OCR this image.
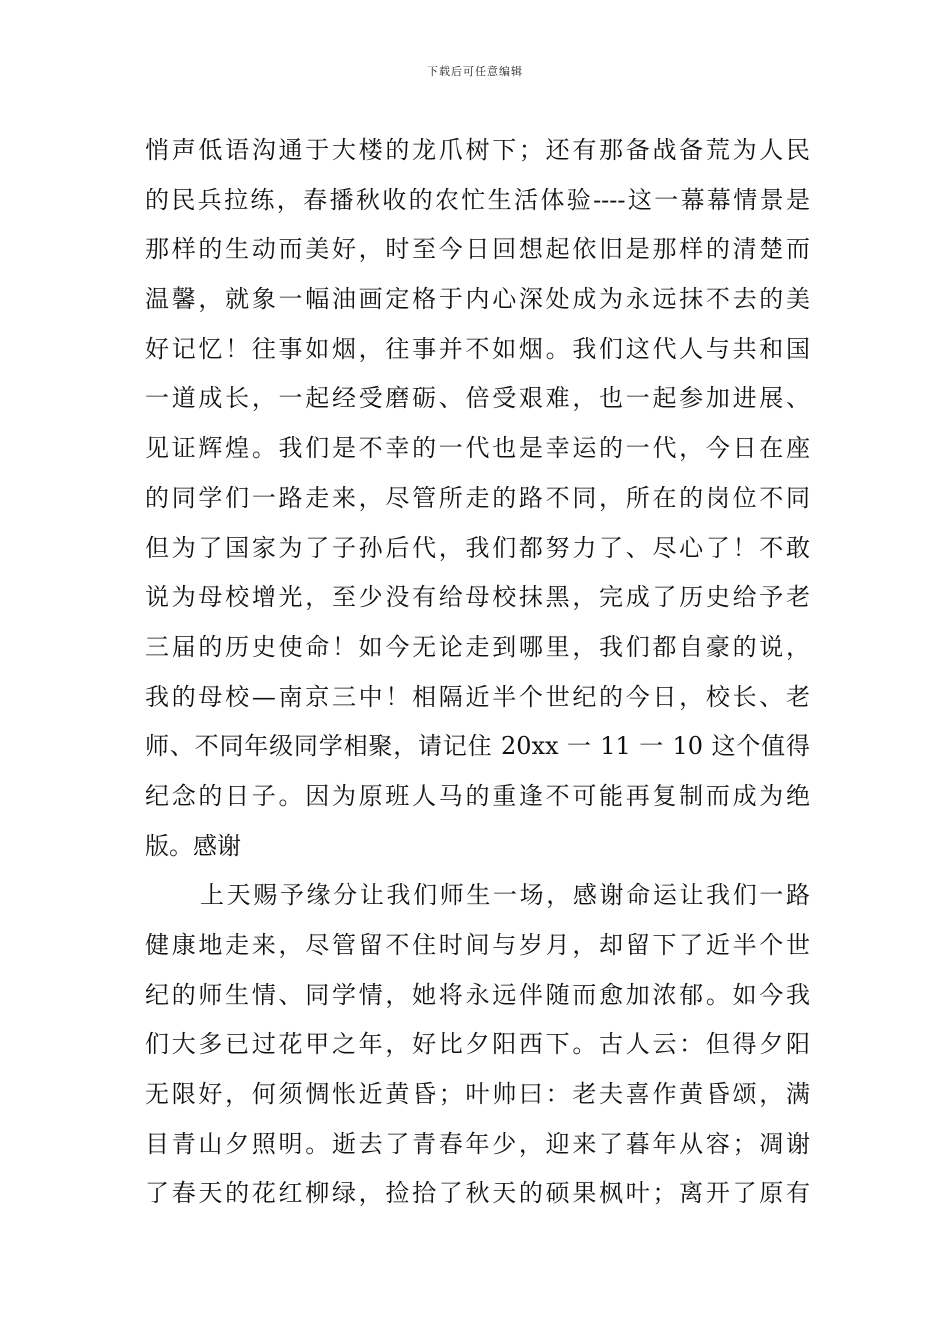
下载后可任意编辑
悄声低语沟通于大楼的龙爪树下；还有那备战备荒为人民
的民兵拉练，春播秋收的农忙生活体验----这一幕幕情景是
那样的生动而美好，时至今日回想起依旧是那样的清楚而
温馨，就象一幅油画定格于内心深处成为永远抹不去的美
好记忆！往事如烟，往事并不如烟。我们这代人与共和国
一道成长，一起经受磨砺、倍受艰难，也一起参加进展、
见证辉煌。我们是不幸的一代也是幸运的一代，今日在座
的同学们一路走来，尽管所走的路不同，所在的岗位不同
但为了国家为了子孙后代，我们都努力了、尽心了！不敢
说为母校增光，至少没有给母校抹黑，完成了历史给予老
三届的历史使命！如今无论走到哪里，我们都自豪的说，
我的母校—南京三中！相隔近半个世纪的今日，校长、老
师、不同年级同学相聚，请记住 20xx 一 11 一 10 这个值得
纪念的日子。因为原班人马的重逢不可能再复制而成为绝
版。感谢
上天赐予缘分让我们师生一场，感谢命运让我们一路
健康地走来，尽管留不住时间与岁月，却留下了近半个世
纪的师生情、同学情，她将永远伴随而愈加浓郁。如今我
们大多已过花甲之年，好比夕阳西下。古人云：但得夕阳
无限好，何须惆怅近黄昏；叶帅曰：老夫喜作黄昏颂，满
目青山夕照明。逝去了青春年少，迎来了暮年从容；凋谢
了春天的花红柳绿，捡拾了秋天的硕果枫叶；离开了原有
